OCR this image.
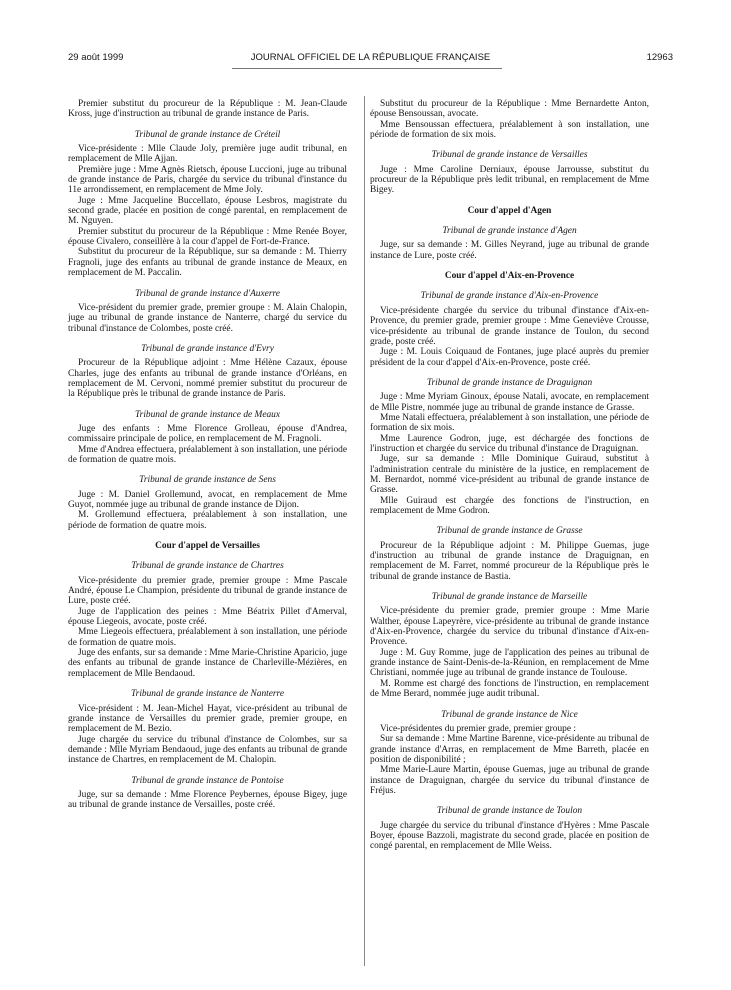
29 août 1999	JOURNAL OFFICIEL DE LA RÉPUBLIQUE FRANÇAISE	12963

Premier substitut du procureur de la République : M. Jean-Claude Kross, juge d'instruction au tribunal de grande instance de Paris.

Tribunal de grande instance de Créteil

Vice-présidente : Mlle Claude Joly, première juge audit tribunal, en remplacement de Mlle Ajjan.

Première juge : Mme Agnès Rietsch, épouse Luccioni, juge au tribunal de grande instance de Paris, chargée du service du tribunal d'instance du 11e arrondissement, en remplacement de Mme Joly.

Juge : Mme Jacqueline Buccellato, épouse Lesbros, magistrate du second grade, placée en position de congé parental, en remplacement de M. Nguyen.

Premier substitut du procureur de la République : Mme Renée Boyer, épouse Civalero, conseillère à la cour d'appel de Fort-de-France.

Substitut du procureur de la République, sur sa demande : M. Thierry Fragnoli, juge des enfants au tribunal de grande instance de Meaux, en remplacement de M. Paccalin.

Tribunal de grande instance d'Auxerre

Vice-président du premier grade, premier groupe : M. Alain Chalopin, juge au tribunal de grande instance de Nanterre, chargé du service du tribunal d'instance de Colombes, poste créé.

Tribunal de grande instance d'Evry

Procureur de la République adjoint : Mme Hélène Cazaux, épouse Charles, juge des enfants au tribunal de grande instance d'Orléans, en remplacement de M. Cervoni, nommé premier substitut du procureur de la République près le tribunal de grande instance de Paris.

Tribunal de grande instance de Meaux

Juge des enfants : Mme Florence Grolleau, épouse d'Andrea, commissaire principale de police, en remplacement de M. Fragnoli.

Mme d'Andrea effectuera, préalablement à son installation, une période de formation de quatre mois.

Tribunal de grande instance de Sens

Juge : M. Daniel Grollemund, avocat, en remplacement de Mme Guyot, nommée juge au tribunal de grande instance de Dijon.

M. Grollemund effectuera, préalablement à son installation, une période de formation de quatre mois.

Cour d'appel de Versailles

Tribunal de grande instance de Chartres

Vice-présidente du premier grade, premier groupe : Mme Pascale André, épouse Le Champion, présidente du tribunal de grande instance de Lure, poste créé.

Juge de l'application des peines : Mme Béatrix Pillet d'Amerval, épouse Liegeois, avocate, poste créé.

Mme Liegeois effectuera, préalablement à son installation, une période de formation de quatre mois.

Juge des enfants, sur sa demande : Mme Marie-Christine Aparicio, juge des enfants au tribunal de grande instance de Charleville-Mézières, en remplacement de Mlle Bendaoud.

Tribunal de grande instance de Nanterre

Vice-président : M. Jean-Michel Hayat, vice-président au tribunal de grande instance de Versailles du premier grade, premier groupe, en remplacement de M. Bezio.

Juge chargée du service du tribunal d'instance de Colombes, sur sa demande : Mlle Myriam Bendaoud, juge des enfants au tribunal de grande instance de Chartres, en remplacement de M. Chalopin.

Tribunal de grande instance de Pontoise

Juge, sur sa demande : Mme Florence Peybernes, épouse Bigey, juge au tribunal de grande instance de Versailles, poste créé.

Substitut du procureur de la République : Mme Bernardette Anton, épouse Bensoussan, avocate.

Mme Bensoussan effectuera, préalablement à son installation, une période de formation de six mois.

Tribunal de grande instance de Versailles

Juge : Mme Caroline Derniaux, épouse Jarrousse, substitut du procureur de la République près ledit tribunal, en remplacement de Mme Bigey.

Cour d'appel d'Agen

Tribunal de grande instance d'Agen

Juge, sur sa demande : M. Gilles Neyrand, juge au tribunal de grande instance de Lure, poste créé.

Cour d'appel d'Aix-en-Provence

Tribunal de grande instance d'Aix-en-Provence

Vice-présidente chargée du service du tribunal d'instance d'Aix-en-Provence, du premier grade, premier groupe : Mme Geneviève Crousse, vice-présidente au tribunal de grande instance de Toulon, du second grade, poste créé.

Juge : M. Louis Coiquaud de Fontanes, juge placé auprès du premier président de la cour d'appel d'Aix-en-Provence, poste créé.

Tribunal de grande instance de Draguignan

Juge : Mme Myriam Ginoux, épouse Natali, avocate, en remplacement de Mlle Pistre, nommée juge au tribunal de grande instance de Grasse.

Mme Natali effectuera, préalablement à son installation, une période de formation de six mois.

Mme Laurence Godron, juge, est déchargée des fonctions de l'instruction et chargée du service du tribunal d'instance de Draguignan.

Juge, sur sa demande : Mlle Dominique Guiraud, substitut à l'administration centrale du ministère de la justice, en remplacement de M. Bernardot, nommé vice-président au tribunal de grande instance de Grasse.

Mlle Guiraud est chargée des fonctions de l'instruction, en remplacement de Mme Godron.

Tribunal de grande instance de Grasse

Procureur de la République adjoint : M. Philippe Guemas, juge d'instruction au tribunal de grande instance de Draguignan, en remplacement de M. Farret, nommé procureur de la République près le tribunal de grande instance de Bastia.

Tribunal de grande instance de Marseille

Vice-présidente du premier grade, premier groupe : Mme Marie Walther, épouse Lapeyrère, vice-présidente au tribunal de grande instance d'Aix-en-Provence, chargée du service du tribunal d'instance d'Aix-en-Provence.

Juge : M. Guy Romme, juge de l'application des peines au tribunal de grande instance de Saint-Denis-de-la-Réunion, en remplacement de Mme Christiani, nommée juge au tribunal de grande instance de Toulouse.

M. Romme est chargé des fonctions de l'instruction, en remplacement de Mme Berard, nommée juge audit tribunal.

Tribunal de grande instance de Nice

Vice-présidentes du premier grade, premier groupe :

Sur sa demande : Mme Martine Barenne, vice-présidente au tribunal de grande instance d'Arras, en remplacement de Mme Barreth, placée en position de disponibilité ;

Mme Marie-Laure Martin, épouse Guemas, juge au tribunal de grande instance de Draguignan, chargée du service du tribunal d'instance de Fréjus.

Tribunal de grande instance de Toulon

Juge chargée du service du tribunal d'instance d'Hyères : Mme Pascale Boyer, épouse Bazzoli, magistrate du second grade, placée en position de congé parental, en remplacement de Mlle Weiss.
